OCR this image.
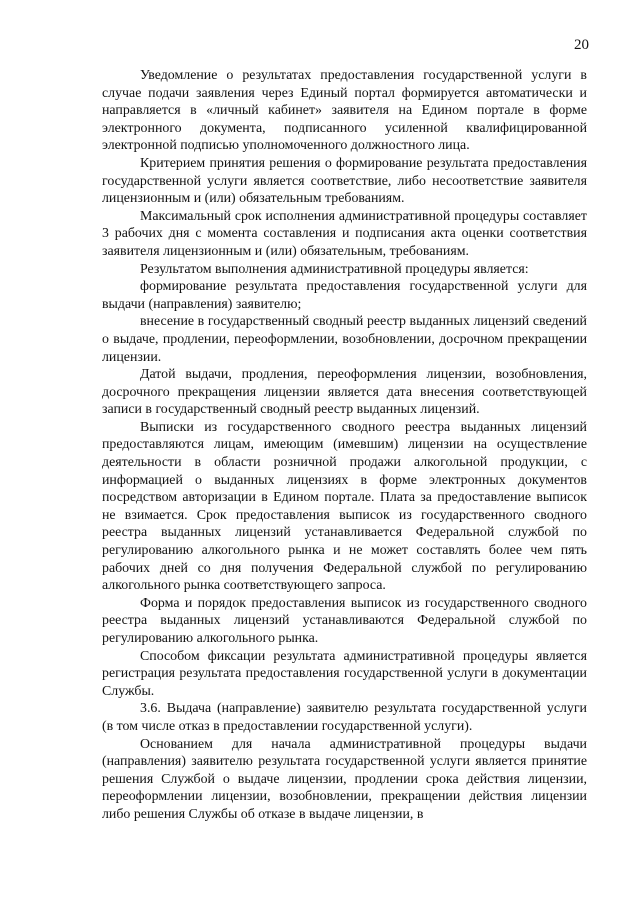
20

Уведомление о результатах предоставления государственной услуги в случае подачи заявления через Единый портал формируется автоматически и направляется в «личный кабинет» заявителя на Едином портале в форме электронного документа, подписанного усиленной квалифицированной электронной подписью уполномоченного должностного лица.

Критерием принятия решения о формирование результата предоставления государственной услуги является соответствие, либо несоответствие заявителя лицензионным и (или) обязательным требованиям.

Максимальный срок исполнения административной процедуры составляет 3 рабочих дня с момента составления и подписания акта оценки соответствия заявителя лицензионным и (или) обязательным, требованиям.

Результатом выполнения административной процедуры является:

формирование результата предоставления государственной услуги для выдачи (направления) заявителю;

внесение в государственный сводный реестр выданных лицензий сведений о выдаче, продлении, переоформлении, возобновлении, досрочном прекращении лицензии.

Датой выдачи, продления, переоформления лицензии, возобновления, досрочного прекращения лицензии является дата внесения соответствующей записи в государственный сводный реестр выданных лицензий.

Выписки из государственного сводного реестра выданных лицензий предоставляются лицам, имеющим (имевшим) лицензии на осуществление деятельности в области розничной продажи алкогольной продукции, с информацией о выданных лицензиях в форме электронных документов посредством авторизации в Едином портале. Плата за предоставление выписок не взимается. Срок предоставления выписок из государственного сводного реестра выданных лицензий устанавливается Федеральной службой по регулированию алкогольного рынка и не может составлять более чем пять рабочих дней со дня получения Федеральной службой по регулированию алкогольного рынка соответствующего запроса.

Форма и порядок предоставления выписок из государственного сводного реестра выданных лицензий устанавливаются Федеральной службой по регулированию алкогольного рынка.

Способом фиксации результата административной процедуры является регистрация результата предоставления государственной услуги в документации Службы.

3.6. Выдача (направление) заявителю результата государственной услуги (в том числе отказ в предоставлении государственной услуги).

Основанием для начала административной процедуры выдачи (направления) заявителю результата государственной услуги является принятие решения Службой о выдаче лицензии, продлении срока действия лицензии, переоформлении лицензии, возобновлении, прекращении действия лицензии либо решения Службы об отказе в выдаче лицензии, в
